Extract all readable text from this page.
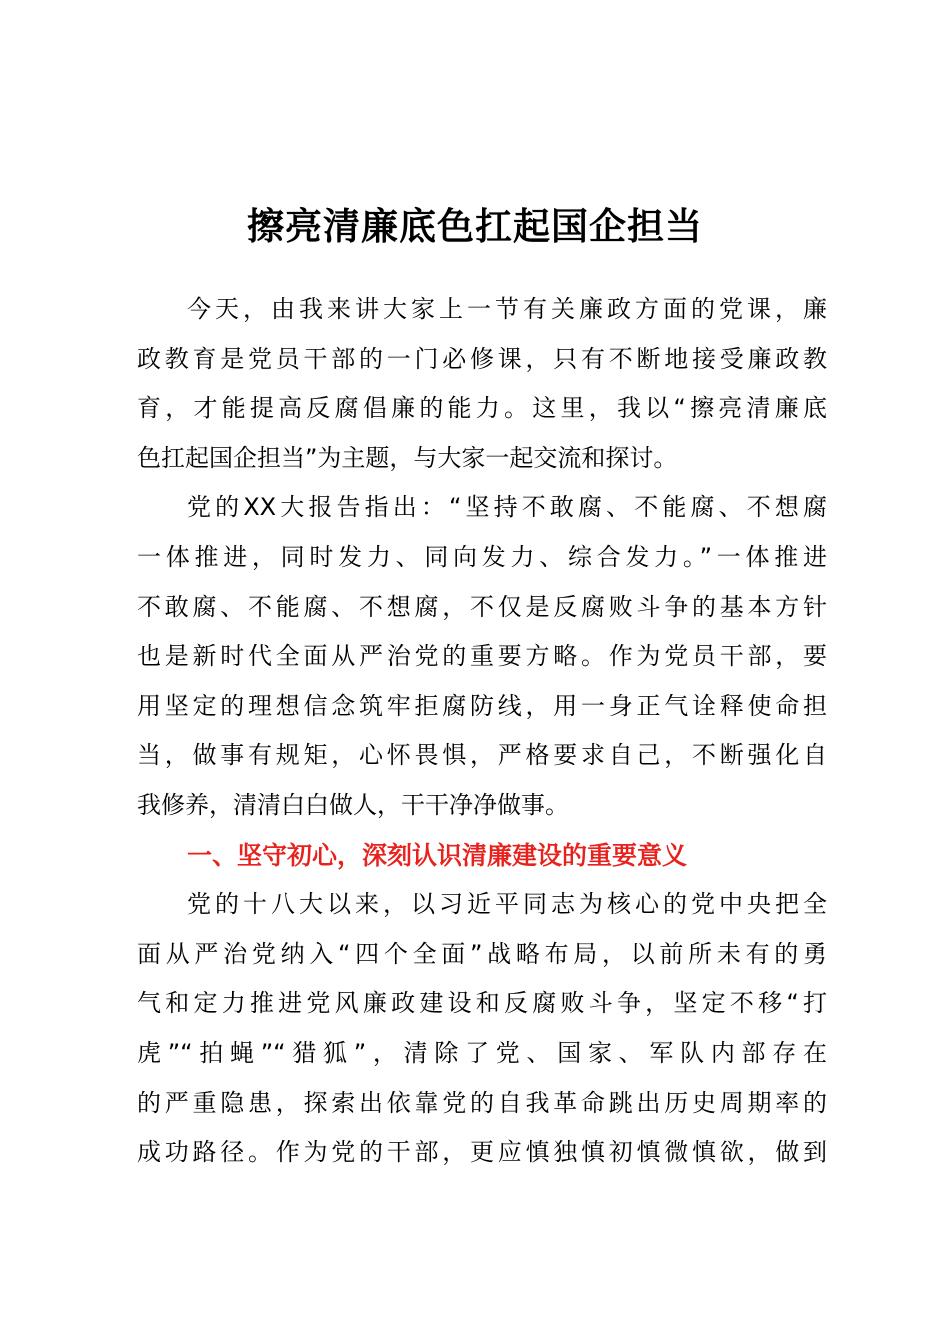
擦亮清廉底色扛起国企担当
今天，由我来讲大家上一节有关廉政方面的党课，廉
政教育是党员干部的一门必修课，只有不断地接受廉政教
育，才能提高反腐倡廉的能力。这里，我以“擦亮清廉底
色扛起国企担当”为主题，与大家一起交流和探讨。
党的XX大报告指出：“坚持不敢腐、不能腐、不想腐
一体推进，同时发力、同向发力、综合发力。”一体推进
不敢腐、不能腐、不想腐，不仅是反腐败斗争的基本方针
也是新时代全面从严治党的重要方略。作为党员干部，要
用坚定的理想信念筑牢拒腐防线，用一身正气诠释使命担
当，做事有规矩，心怀畏惧，严格要求自己，不断强化自
我修养，清清白白做人，干干净净做事。
一、坚守初心，深刻认识清廉建设的重要意义
党的十八大以来，以习近平同志为核心的党中央把全
面从严治党纳入“四个全面”战略布局，以前所未有的勇
气和定力推进党风廉政建设和反腐败斗争，坚定不移“打
虎”“拍蝇”“猎狐”，清除了党、国家、军队内部存在
的严重隐患，探索出依靠党的自我革命跳出历史周期率的
成功路径。作为党的干部，更应慎独慎初慎微慎欲，做到
